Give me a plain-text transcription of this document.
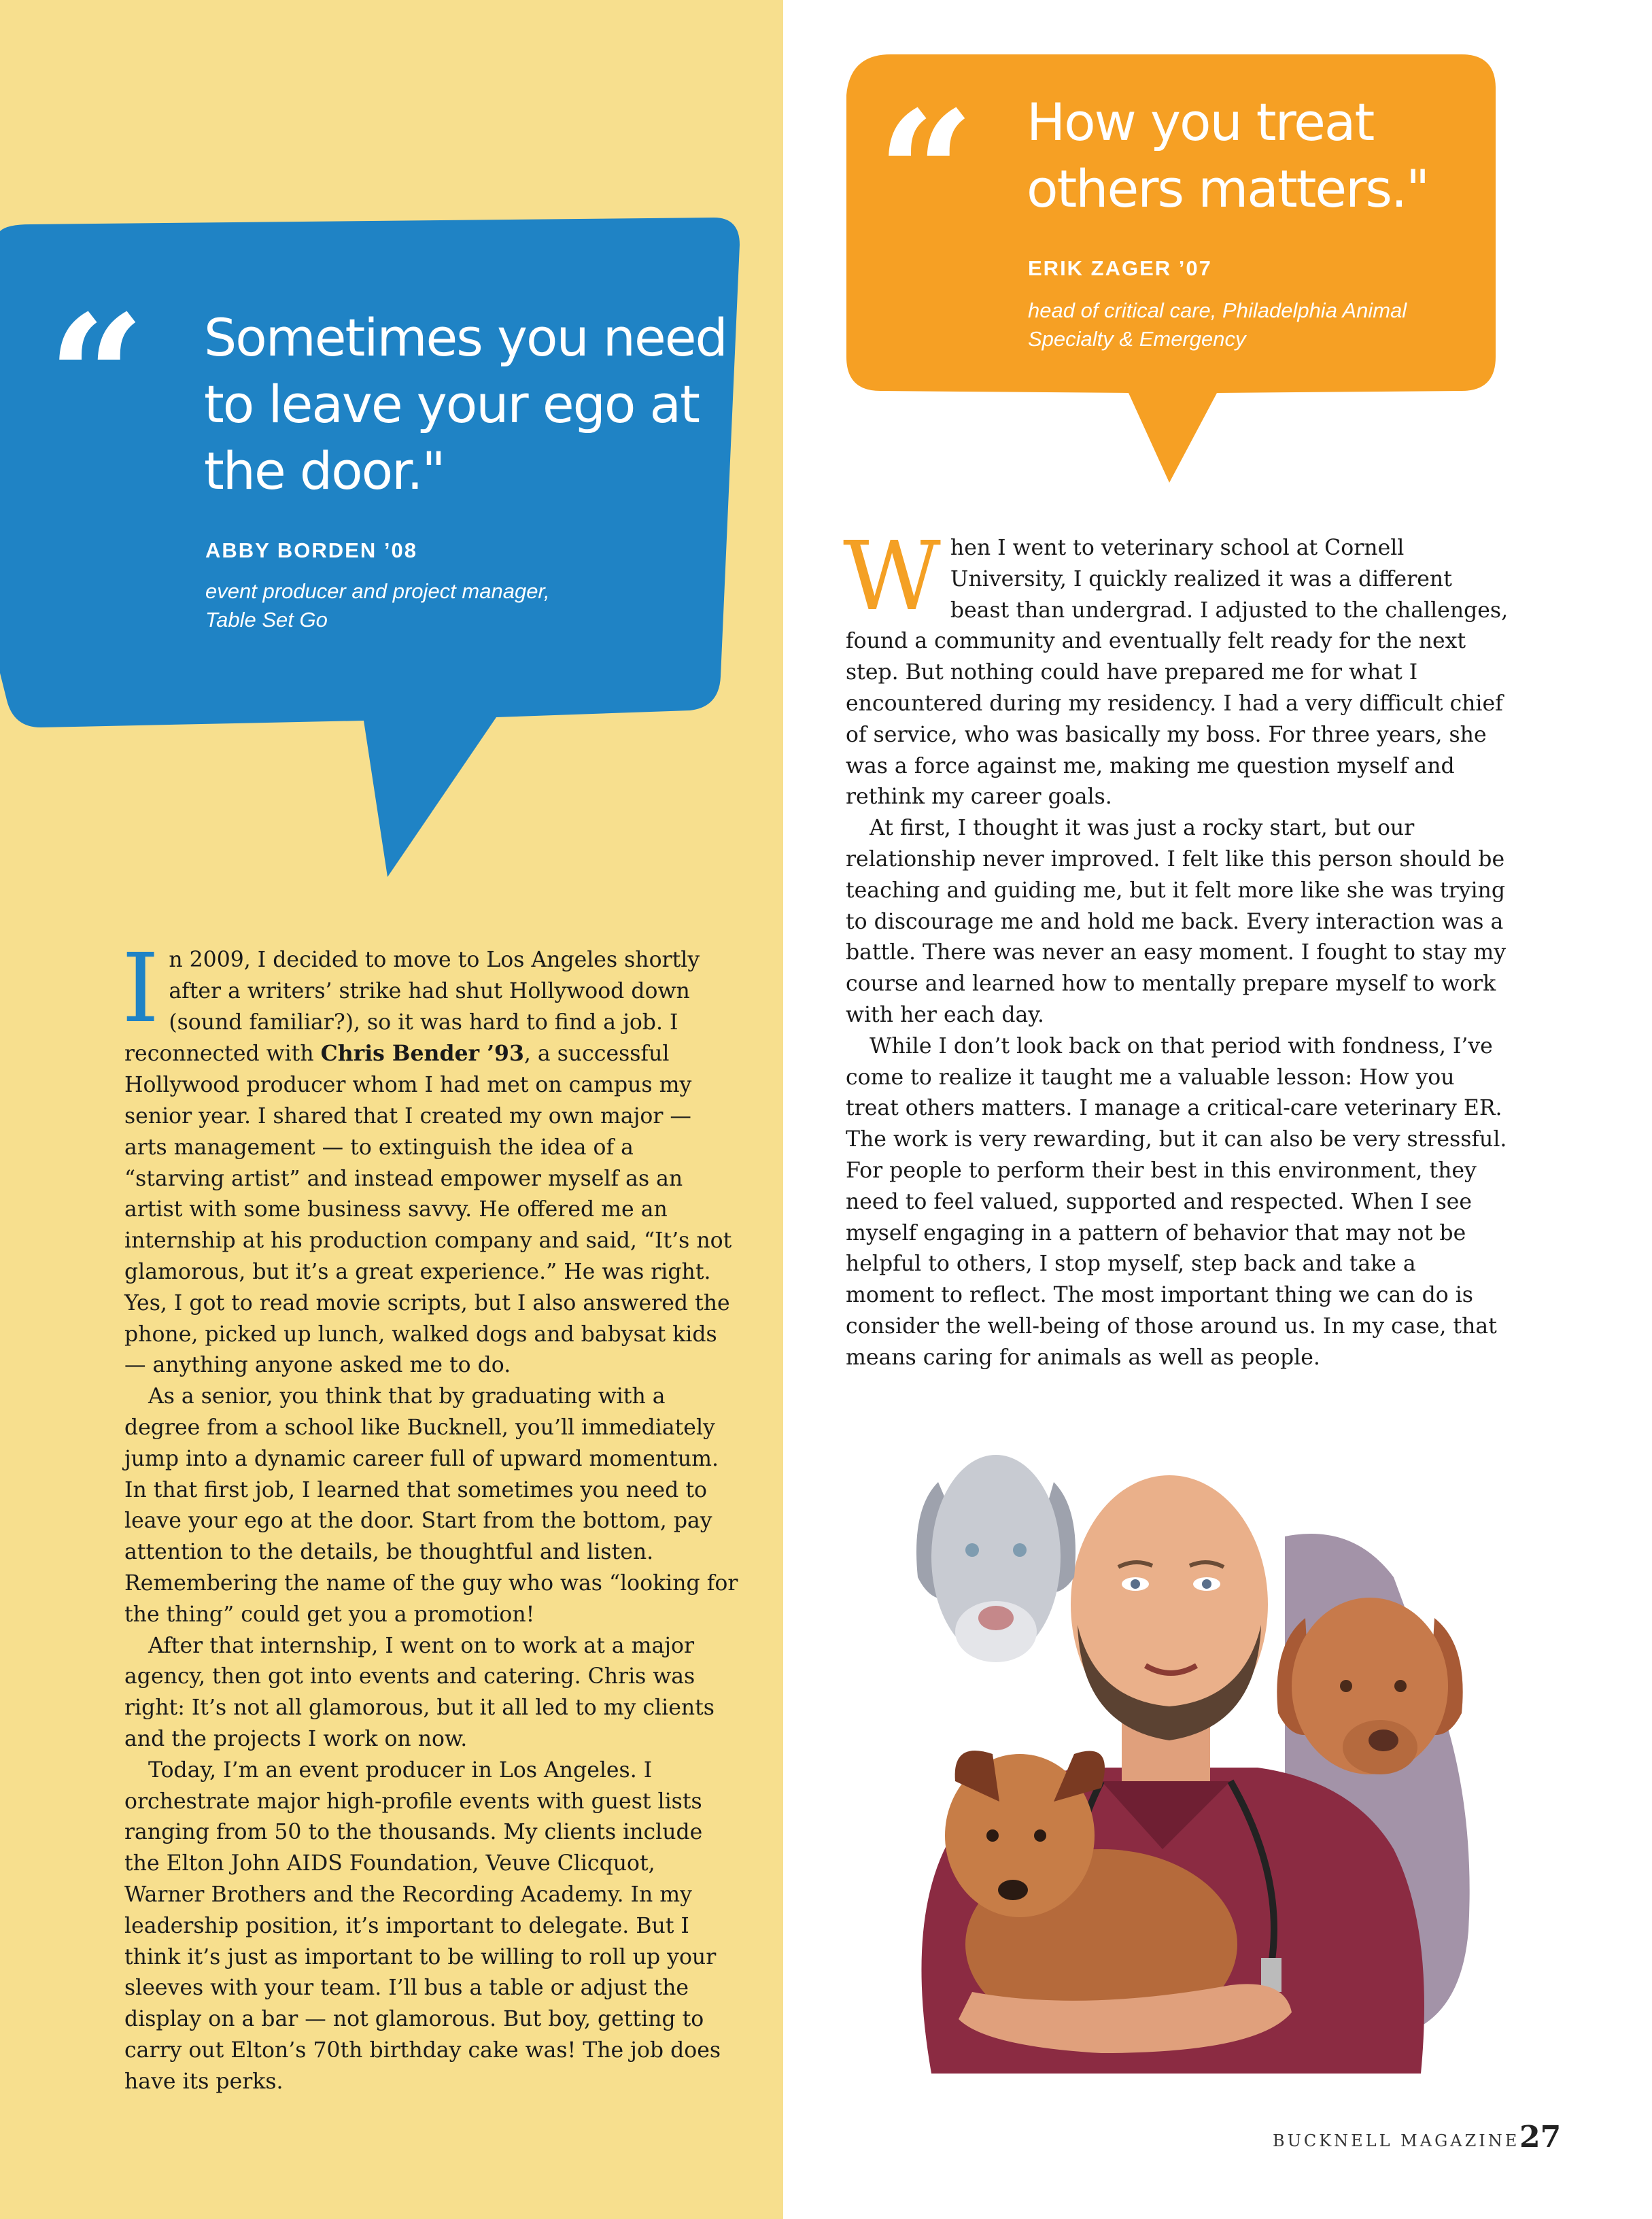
“ Sometimes you need
to leave your ego at
the door."
ABBY BORDEN ’08
event producer and project manager,
Table Set Go
“ How you treat
others matters."
ERIK ZAGER ’07
head of critical care, Philadelphia Animal
Specialty & Emergency

In 2009, I decided to move to Los Angeles shortly after a writers’ strike had shut Hollywood down (sound familiar?), so it was hard to find a job. I reconnected with Chris Bender ’93, a successful Hollywood producer whom I had met on campus my senior year. I shared that I created my own major — arts management — to extinguish the idea of a “starving artist” and instead empower myself as an artist with some business savvy. He offered me an internship at his production company and said, “It’s not glamorous, but it’s a great experience.” He was right. Yes, I got to read movie scripts, but I also answered the phone, picked up lunch, walked dogs and babysat kids — anything anyone asked me to do.

As a senior, you think that by graduating with a degree from a school like Bucknell, you’ll immediately jump into a dynamic career full of upward momentum. In that first job, I learned that sometimes you need to leave your ego at the door. Start from the bottom, pay attention to the details, be thoughtful and listen. Remembering the name of the guy who was “looking for the thing” could get you a promotion!

After that internship, I went on to work at a major agency, then got into events and catering. Chris was right: It’s not all glamorous, but it all led to my clients and the projects I work on now.

Today, I’m an event producer in Los Angeles. I orchestrate major high-profile events with guest lists ranging from 50 to the thousands. My clients include the Elton John AIDS Foundation, Veuve Clicquot, Warner Brothers and the Recording Academy. In my leadership position, it’s important to delegate. But I think it’s just as important to be willing to roll up your sleeves with your team. I’ll bus a table or adjust the display on a bar — not glamorous. But boy, getting to carry out Elton’s 70th birthday cake was! The job does have its perks.

When I went to veterinary school at Cornell University, I quickly realized it was a different beast than undergrad. I adjusted to the challenges, found a community and eventually felt ready for the next step. But nothing could have prepared me for what I encountered during my residency. I had a very difficult chief of service, who was basically my boss. For three years, she was a force against me, making me question myself and rethink my career goals.

At first, I thought it was just a rocky start, but our relationship never improved. I felt like this person should be teaching and guiding me, but it felt more like she was trying to discourage me and hold me back. Every interaction was a battle. There was never an easy moment. I fought to stay my course and learned how to mentally prepare myself to work with her each day.

While I don’t look back on that period with fondness, I’ve come to realize it taught me a valuable lesson: How you treat others matters. I manage a critical-care veterinary ER. The work is very rewarding, but it can also be very stressful. For people to perform their best in this environment, they need to feel valued, supported and respected. When I see myself engaging in a pattern of behavior that may not be helpful to others, I stop myself, step back and take a moment to reflect. The most important thing we can do is consider the well-being of those around us. In my case, that means caring for animals as well as people.

BUCKNELL MAGAZINE 27
